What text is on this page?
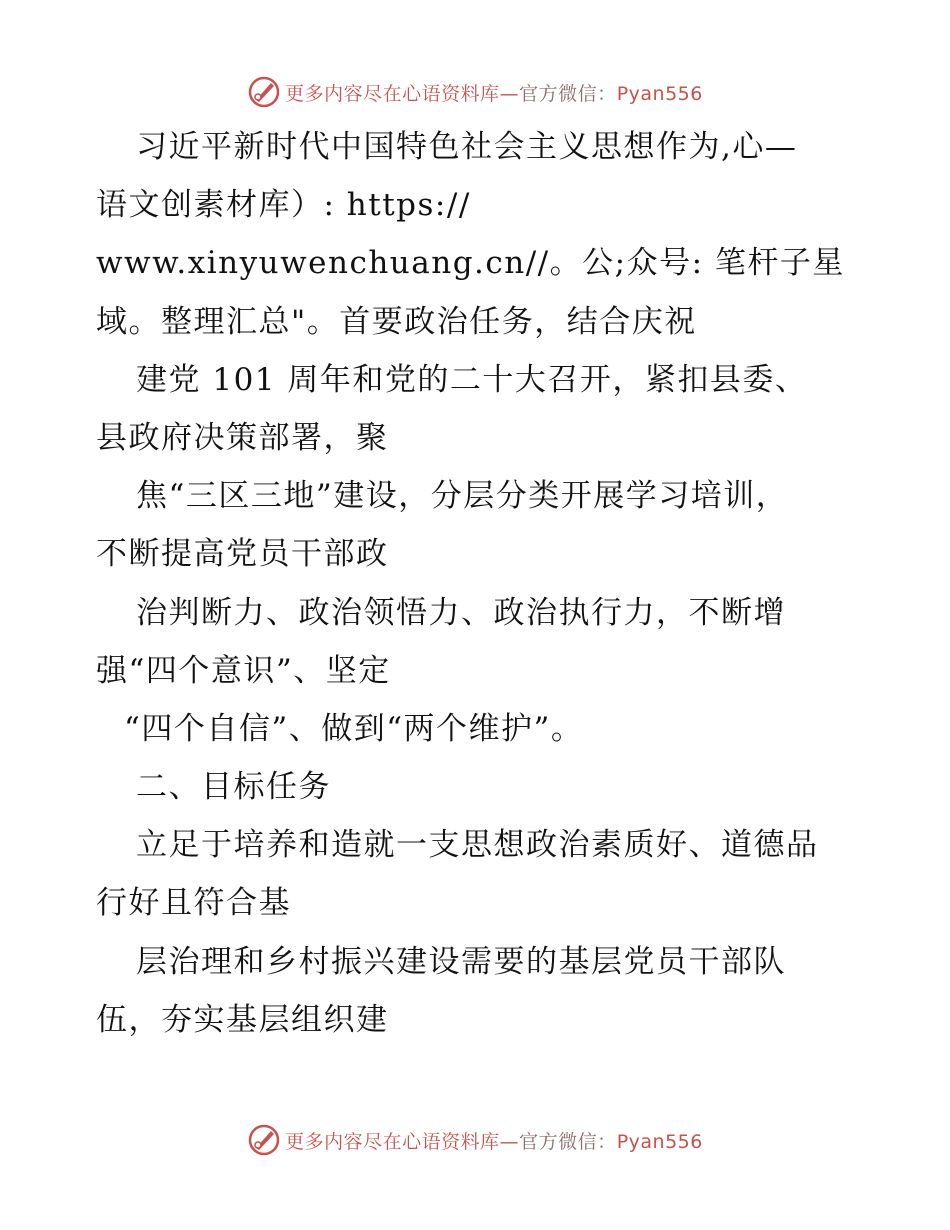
更多内容尽在心语资料库—官方微信：Pyan556
习近平新时代中国特色社会主义思想作为,心—
语文创素材库）: https://
www.xinyuwenchuang.cn//。公;众号: 笔杆子星
域。整理汇总"。首要政治任务，结合庆祝
建党 101 周年和党的二十大召开，紧扣县委、
县政府决策部署，聚
焦“三区三地”建设，分层分类开展学习培训，
不断提高党员干部政
治判断力、政治领悟力、政治执行力，不断增
强“四个意识”、坚定
“四个自信”、做到“两个维护”。
二、目标任务
立足于培养和造就一支思想政治素质好、道德品
行好且符合基
层治理和乡村振兴建设需要的基层党员干部队
伍，夯实基层组织建
更多内容尽在心语资料库—官方微信：Pyan556
